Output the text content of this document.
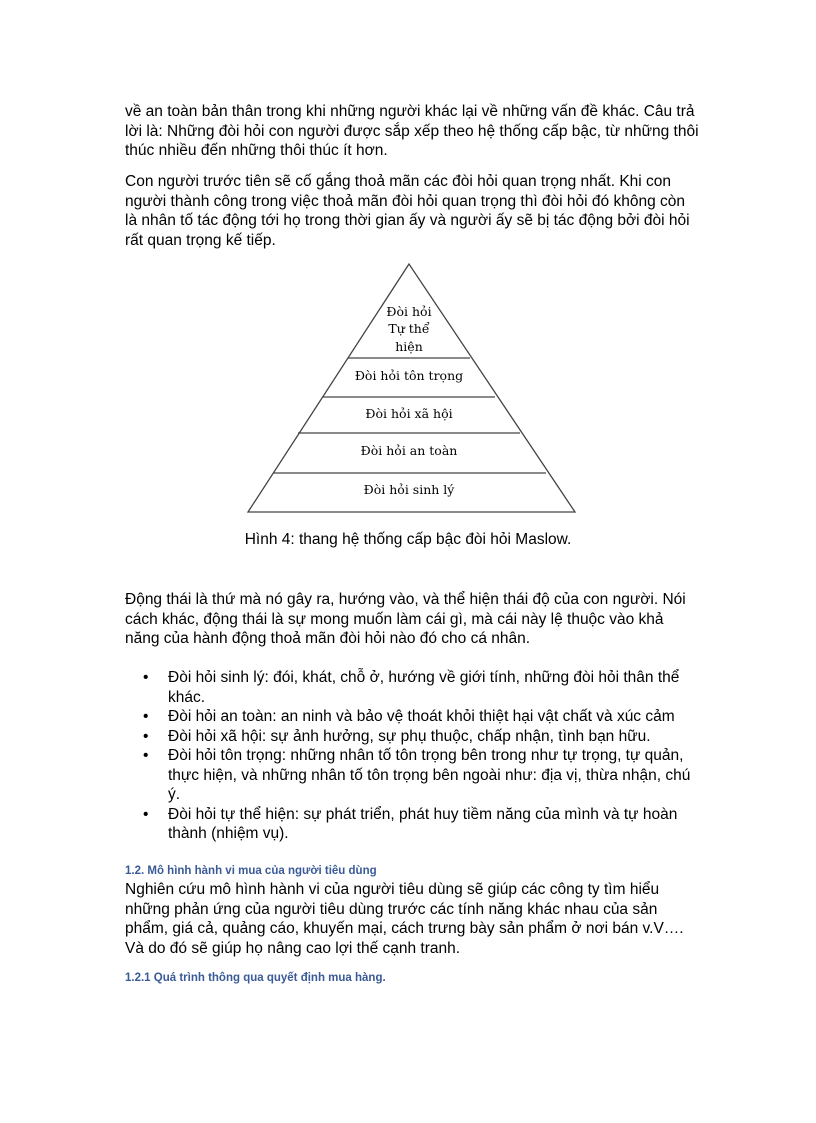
về an toàn bản thân trong khi những người khác lại về những vấn đề khác. Câu trả lời là: Những đòi hỏi con người được sắp xếp theo hệ thống cấp bậc, từ những thôi thúc nhiều đến những thôi thúc ít hơn.

Con người trước tiên sẽ cố gắng thoả mãn các đòi hỏi quan trọng nhất. Khi con người thành công trong việc thoả mãn đòi hỏi quan trọng thì đòi hỏi đó không còn là nhân tố tác động tới họ trong thời gian ấy và người ấy sẽ bị tác động bởi đòi hỏi rất quan trọng kế tiếp.

Đòi hỏi
Tự thể
hiện
Đòi hỏi tôn trọng
Đòi hỏi xã hội
Đòi hỏi an toàn
Đòi hỏi sinh lý
Hình 4: thang hệ thống cấp bậc đòi hỏi Maslow.

Động thái là thứ mà nó gây ra, hướng vào, và thể hiện thái độ của con người. Nói cách khác, động thái là sự mong muốn làm cái gì, mà cái này lệ thuộc vào khả năng của hành động thoả mãn đòi hỏi nào đó cho cá nhân.

• Đòi hỏi sinh lý: đói, khát, chỗ ở, hướng về giới tính, những đòi hỏi thân thể khác.
• Đòi hỏi an toàn: an ninh và bảo vệ thoát khỏi thiệt hại vật chất và xúc cảm
• Đòi hỏi xã hội: sự ảnh hưởng, sự phụ thuộc, chấp nhận, tình bạn hữu.
• Đòi hỏi tôn trọng: những nhân tố tôn trọng bên trong như tự trọng, tự quản, thực hiện, và những nhân tố tôn trọng bên ngoài như: địa vị, thừa nhận, chú ý.
• Đòi hỏi tự thể hiện: sự phát triển, phát huy tiềm năng của mình và tự hoàn thành (nhiệm vụ).
1.2. Mô hình hành vi mua của người tiêu dùng

Nghiên cứu mô hình hành vi của người tiêu dùng sẽ giúp các công ty tìm hiểu những phản ứng của người tiêu dùng trước các tính năng khác nhau của sản phẩm, giá cả, quảng cáo, khuyến mại, cách trưng bày sản phẩm ở nơi bán v.V…. Và do đó sẽ giúp họ nâng cao lợi thế cạnh tranh.

1.2.1 Quá trình thông qua quyết định mua hàng.
